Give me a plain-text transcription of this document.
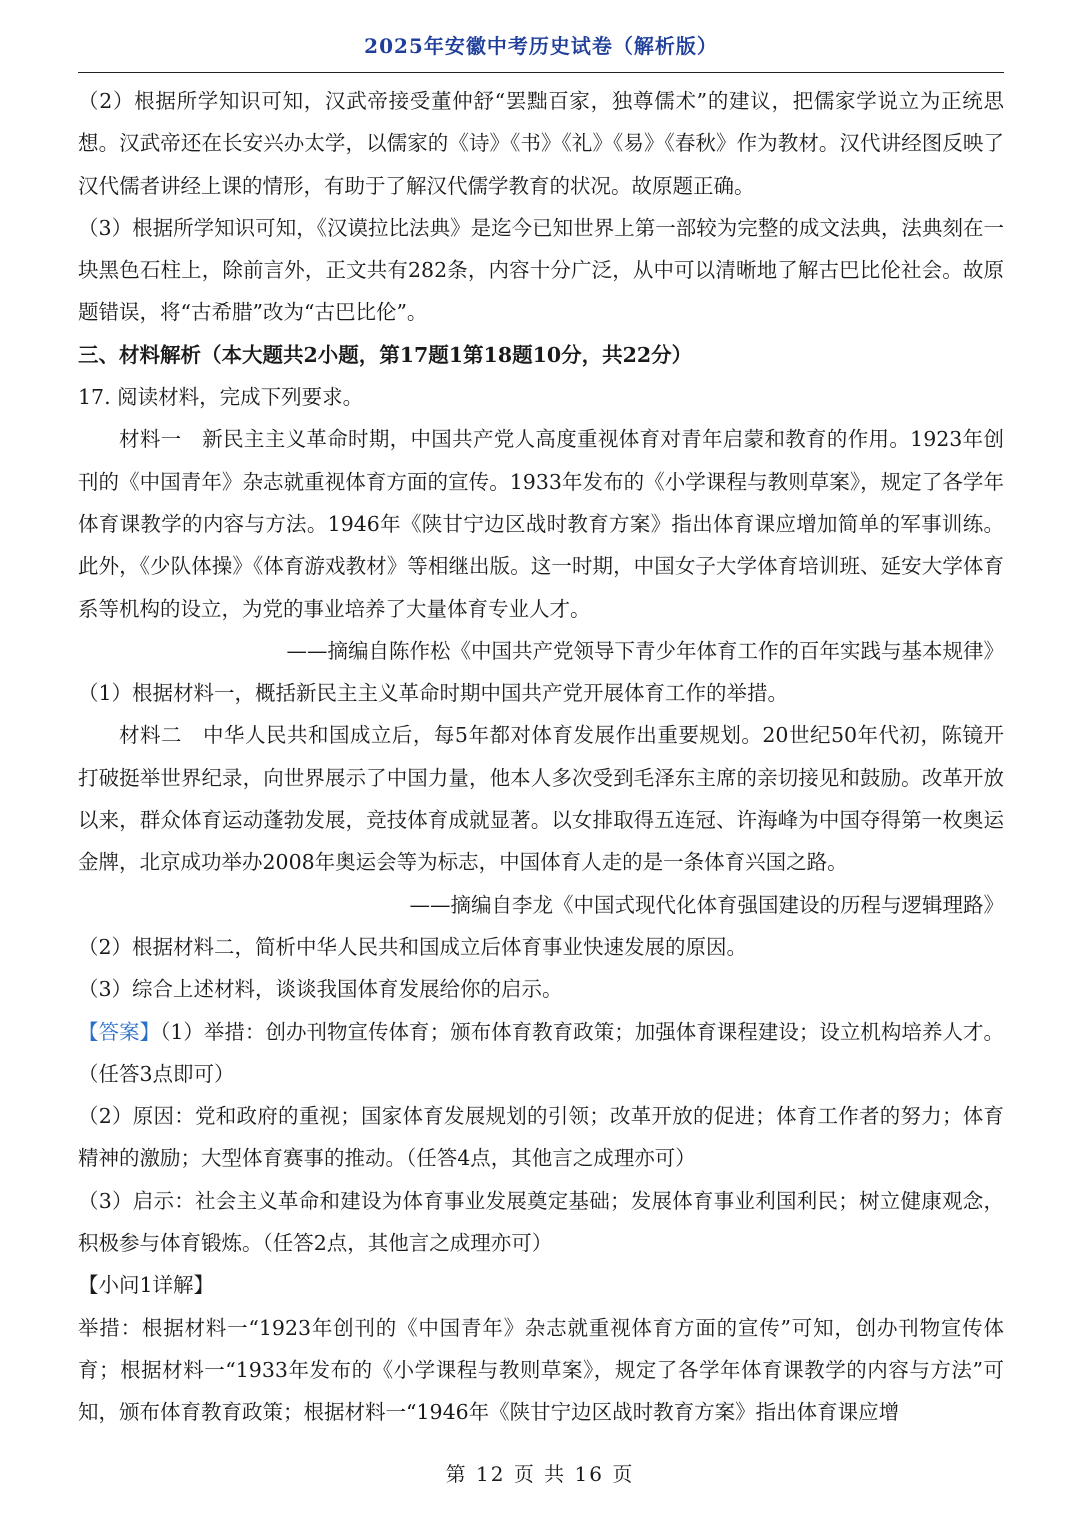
2025年安徽中考历史试卷（解析版）

（2）根据所学知识可知，汉武帝接受董仲舒“罢黜百家，独尊儒术”的建议，把儒家学说立为正统思想。汉武帝还在长安兴办太学，以儒家的《诗》《书》《礼》《易》《春秋》作为教材。汉代讲经图反映了汉代儒者讲经上课的情形，有助于了解汉代儒学教育的状况。故原题正确。

（3）根据所学知识可知，《汉谟拉比法典》是迄今已知世界上第一部较为完整的成文法典，法典刻在一块黑色石柱上，除前言外，正文共有282条，内容十分广泛，从中可以清晰地了解古巴比伦社会。故原题错误，将“古希腊”改为“古巴比伦”。

三、材料解析（本大题共2小题，第17题1第18题10分，共22分）

17. 阅读材料，完成下列要求。

材料一　新民主主义革命时期，中国共产党人高度重视体育对青年启蒙和教育的作用。1923年创刊的《中国青年》杂志就重视体育方面的宣传。1933年发布的《小学课程与教则草案》，规定了各学年体育课教学的内容与方法。1946年《陕甘宁边区战时教育方案》指出体育课应增加简单的军事训练。此外，《少队体操》《体育游戏教材》等相继出版。这一时期，中国女子大学体育培训班、延安大学体育系等机构的设立，为党的事业培养了大量体育专业人才。

——摘编自陈作松《中国共产党领导下青少年体育工作的百年实践与基本规律》

（1）根据材料一，概括新民主主义革命时期中国共产党开展体育工作的举措。

材料二　中华人民共和国成立后，每5年都对体育发展作出重要规划。20世纪50年代初，陈镜开打破挺举世界纪录，向世界展示了中国力量，他本人多次受到毛泽东主席的亲切接见和鼓励。改革开放以来，群众体育运动蓬勃发展，竞技体育成就显著。以女排取得五连冠、许海峰为中国夺得第一枚奥运金牌，北京成功举办2008年奥运会等为标志，中国体育人走的是一条体育兴国之路。

——摘编自李龙《中国式现代化体育强国建设的历程与逻辑理路》

（2）根据材料二，简析中华人民共和国成立后体育事业快速发展的原因。

（3）综合上述材料，谈谈我国体育发展给你的启示。

【答案】（1）举措：创办刊物宣传体育；颁布体育教育政策；加强体育课程建设；设立机构培养人才。（任答3点即可）

（2）原因：党和政府的重视；国家体育发展规划的引领；改革开放的促进；体育工作者的努力；体育精神的激励；大型体育赛事的推动。（任答4点，其他言之成理亦可）

（3）启示：社会主义革命和建设为体育事业发展奠定基础；发展体育事业利国利民；树立健康观念，积极参与体育锻炼。（任答2点，其他言之成理亦可）

【小问1详解】

举措：根据材料一“1923年创刊的《中国青年》杂志就重视体育方面的宣传”可知，创办刊物宣传体育；根据材料一“1933年发布的《小学课程与教则草案》，规定了各学年体育课教学的内容与方法”可知，颁布体育教育政策；根据材料一“1946年《陕甘宁边区战时教育方案》指出体育课应增

第 12 页 共 16 页
